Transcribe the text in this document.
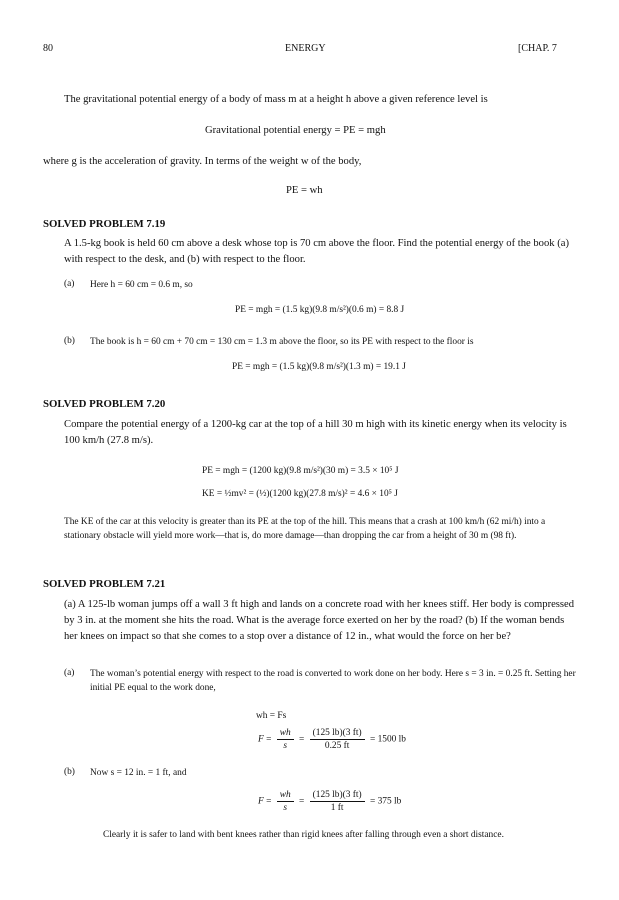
80	ENERGY	[CHAP. 7
The gravitational potential energy of a body of mass m at a height h above a given reference level is
Gravitational potential energy = PE = mgh
where g is the acceleration of gravity. In terms of the weight w of the body,
PE = wh
SOLVED PROBLEM 7.19
A 1.5-kg book is held 60 cm above a desk whose top is 70 cm above the floor. Find the potential energy of the book (a) with respect to the desk, and (b) with respect to the floor.
(a) Here h = 60 cm = 0.6 m, so
PE = mgh = (1.5 kg)(9.8 m/s²)(0.6 m) = 8.8 J
(b) The book is h = 60 cm + 70 cm = 130 cm = 1.3 m above the floor, so its PE with respect to the floor is
PE = mgh = (1.5 kg)(9.8 m/s²)(1.3 m) = 19.1 J
SOLVED PROBLEM 7.20
Compare the potential energy of a 1200-kg car at the top of a hill 30 m high with its kinetic energy when its velocity is 100 km/h (27.8 m/s).
PE = mgh = (1200 kg)(9.8 m/s²)(30 m) = 3.5 × 10⁵ J
KE = ½mv² = (½)(1200 kg)(27.8 m/s)² = 4.6 × 10⁵ J
The KE of the car at this velocity is greater than its PE at the top of the hill. This means that a crash at 100 km/h (62 mi/h) into a stationary obstacle will yield more work—that is, do more damage—than dropping the car from a height of 30 m (98 ft).
SOLVED PROBLEM 7.21
(a) A 125-lb woman jumps off a wall 3 ft high and lands on a concrete road with her knees stiff. Her body is compressed by 3 in. at the moment she hits the road. What is the average force exerted on her by the road? (b) If the woman bends her knees on impact so that she comes to a stop over a distance of 12 in., what would the force on her be?
(a) The woman’s potential energy with respect to the road is converted to work done on her body. Here s = 3 in. = 0.25 ft. Setting her initial PE equal to the work done,
wh = Fs
$F = \frac{wh}{s} = \frac{(125 lb)(3 ft)}{0.25 ft} = 1500$ lb
(b) Now s = 12 in. = 1 ft, and
$F = \frac{wh}{s} = \frac{(125 lb)(3 ft)}{1 ft} = 375$ lb
Clearly it is safer to land with bent knees rather than rigid knees after falling through even a short distance.
